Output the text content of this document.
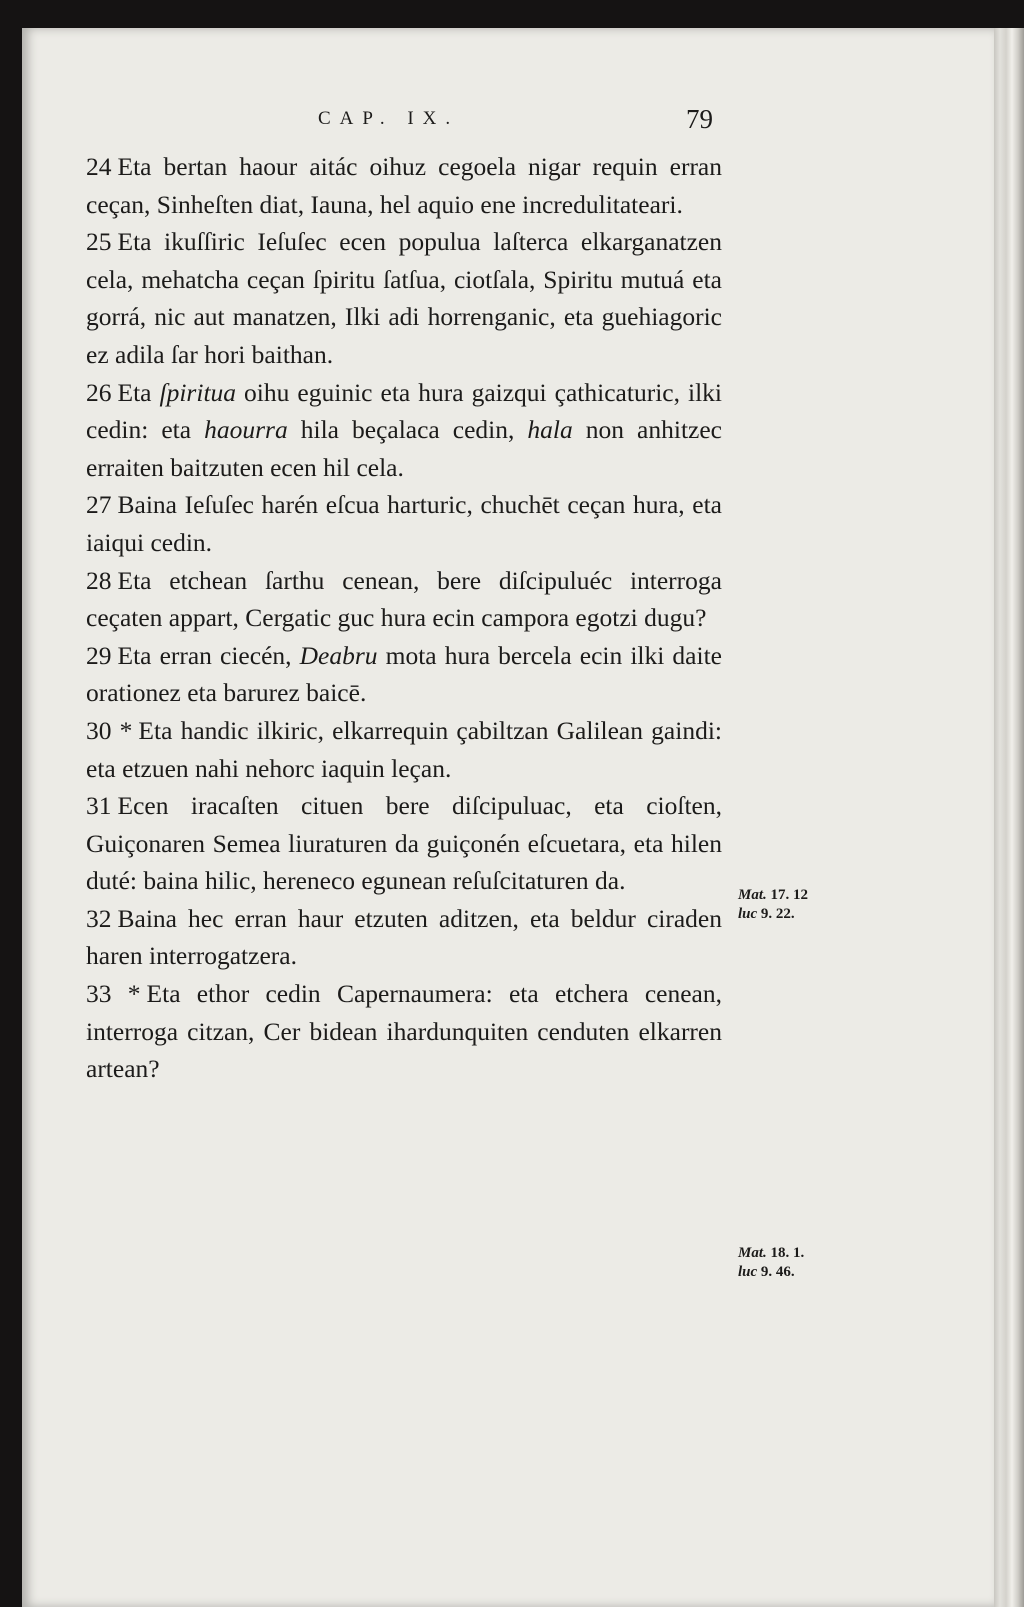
CAP. IX.	79

24 Eta bertan haour aitác oihuz cegoela nigar requin erran ceçan, Sinheſten diat, Iauna, hel aquio ene incredulitateari.

25 Eta ikuſſiric Ieſuſec ecen populua laſterca elkarganatzen cela, mehatcha ceçan ſpiritu ſatſua, ciotſala, Spiritu mutuá eta gorrá, nic aut manatzen, Ilki adi horrenganic, eta guehiagoric ez adila ſar hori baithan.

26 Eta ſpiritua oihu eguinic eta hura gaizqui çathicaturic, ilki cedin: eta haourra hila beçalaca cedin, hala non anhitzec erraiten baitzuten ecen hil cela.

27 Baina Ieſuſec harén eſcua harturic, chuchēt ceçan hura, eta iaiqui cedin.

28 Eta etchean ſarthu cenean, bere diſcipuluéc interroga ceçaten appart, Cergatic guc hura ecin campora egotzi dugu?

29 Eta erran ciecén, Deabru mota hura bercela ecin ilki daite orationez eta barurez baicē.

30 * Eta handic ilkiric, elkarrequin çabiltzan Galilean gaindi: eta etzuen nahi nehorc iaquin leçan.

31 Ecen iracaſten cituen bere diſcipuluac, eta cioſten, Guiçonaren Semea liuraturen da guiçonén eſcuetara, eta hilen duté: baina hilic, hereneco egunean reſuſcitaturen da.

32 Baina hec erran haur etzuten aditzen, eta beldur ciraden haren interrogatzera.

33 * Eta ethor cedin Capernaumera: eta etchera cenean, interroga citzan, Cer bidean ihardunquiten cenduten elkarren artean?

Mat. 17. 12
luc 9. 22.
Mat. 18. 1.
luc 9. 46.
